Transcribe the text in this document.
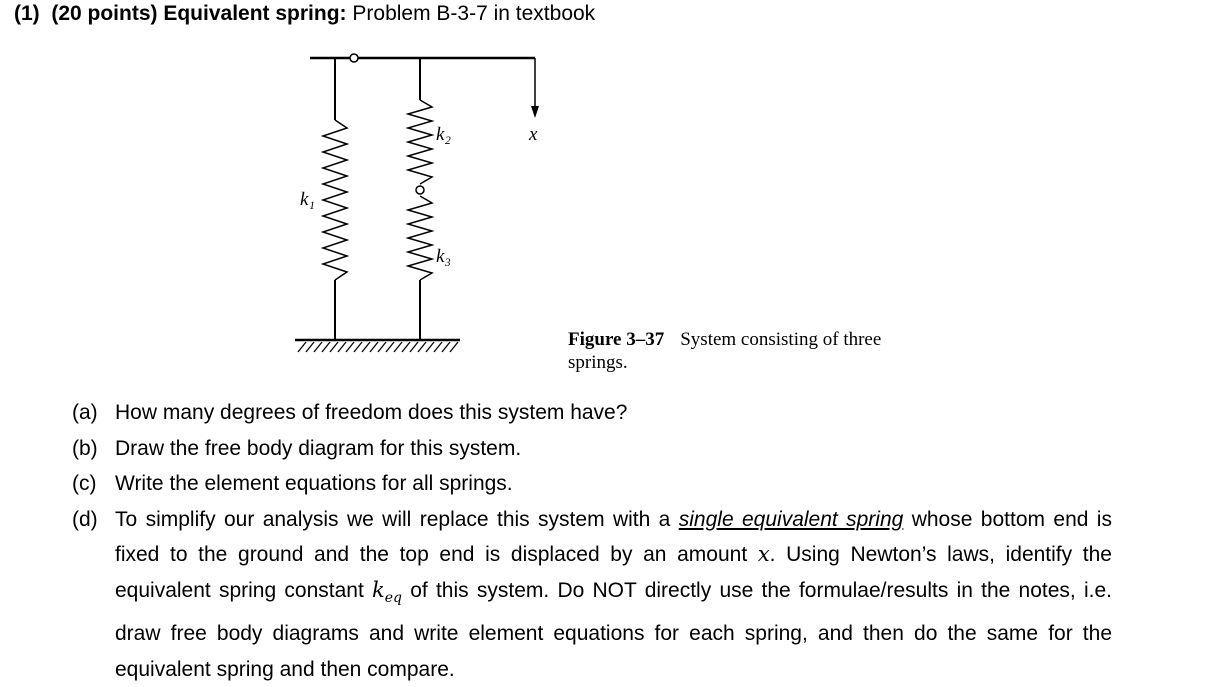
(1) (20 points) Equivalent spring: Problem B-3-7 in textbook
k₁
k₂
k₃
x
Figure 3–37 System consisting of three springs.
(a) How many degrees of freedom does this system have?
(b) Draw the free body diagram for this system.
(c) Write the element equations for all springs.
(d) To simplify our analysis we will replace this system with a single equivalent spring whose bottom end is fixed to the ground and the top end is displaced by an amount x. Using Newton’s laws, identify the equivalent spring constant $k_{eq}$ of this system. Do NOT directly use the formulae/results in the notes, i.e. draw free body diagrams and write element equations for each spring, and then do the same for the equivalent spring and then compare.
